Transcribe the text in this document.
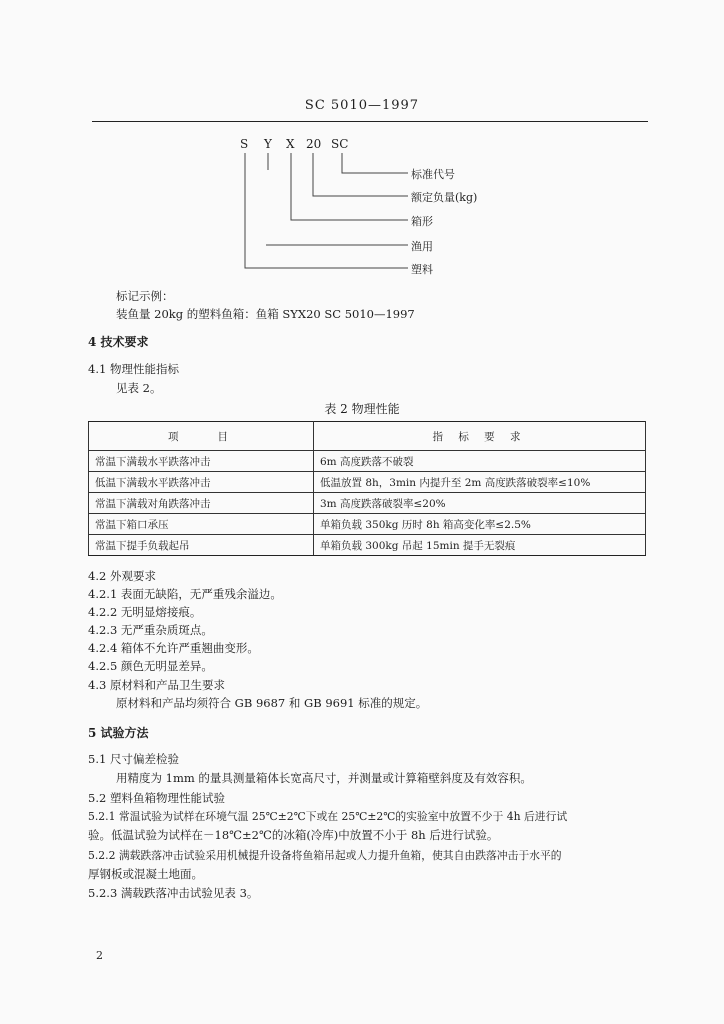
SC 5010—1997
S Y X 20 SC
标准代号
额定负量(kg)
箱形
渔用
塑料
标记示例：
装鱼量 20kg 的塑料鱼箱：鱼箱 SYX20 SC 5010—1997
4 技术要求
4.1 物理性能指标
见表 2。
表 2 物理性能
项　　目	指 标 要 求
常温下满载水平跌落冲击	6m 高度跌落不破裂
低温下满载水平跌落冲击	低温放置 8h，3min 内提升至 2m 高度跌落破裂率≤10%
常温下满载对角跌落冲击	3m 高度跌落破裂率≤20%
常温下箱口承压	单箱负载 350kg 历时 8h 箱高变化率≤2.5%
常温下提手负载起吊	单箱负载 300kg 吊起 15min 提手无裂痕
4.2 外观要求
4.2.1 表面无缺陷，无严重残余溢边。
4.2.2 无明显熔接痕。
4.2.3 无严重杂质斑点。
4.2.4 箱体不允许严重翘曲变形。
4.2.5 颜色无明显差异。
4.3 原材料和产品卫生要求
原材料和产品均须符合 GB 9687 和 GB 9691 标准的规定。
5 试验方法
5.1 尺寸偏差检验
用精度为 1mm 的量具测量箱体长宽高尺寸，并测量或计算箱壁斜度及有效容积。
5.2 塑料鱼箱物理性能试验
5.2.1 常温试验为试样在环境气温 25℃±2℃下或在 25℃±2℃的实验室中放置不少于 4h 后进行试
验。低温试验为试样在－18℃±2℃的冰箱(冷库)中放置不小于 8h 后进行试验。
5.2.2 满载跌落冲击试验采用机械提升设备将鱼箱吊起或人力提升鱼箱，使其自由跌落冲击于水平的
厚钢板或混凝土地面。
5.2.3 满载跌落冲击试验见表 3。
2
